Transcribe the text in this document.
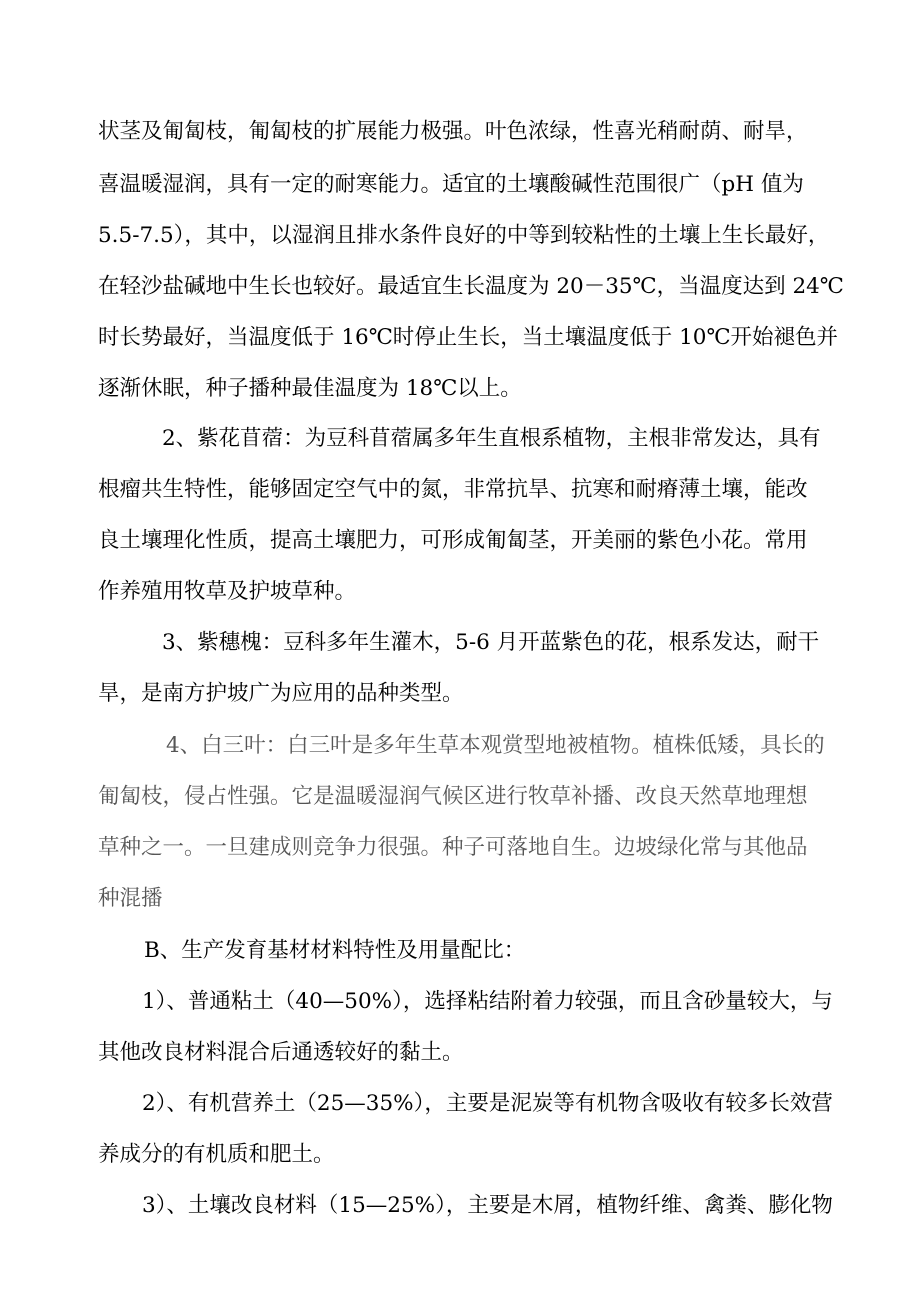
状茎及匍匐枝，匍匐枝的扩展能力极强。叶色浓绿，性喜光稍耐荫、耐旱，
喜温暖湿润，具有一定的耐寒能力。适宜的土壤酸碱性范围很广（pH 值为
5.5-7.5），其中，以湿润且排水条件良好的中等到较粘性的土壤上生长最好，
在轻沙盐碱地中生长也较好。最适宜生长温度为 20－35℃，当温度达到 24℃
时长势最好，当温度低于 16℃时停止生长，当土壤温度低于 10℃开始褪色并
逐渐休眠，种子播种最佳温度为 18℃以上。
2、紫花苜蓿：为豆科苜蓿属多年生直根系植物，主根非常发达，具有
根瘤共生特性，能够固定空气中的氮，非常抗旱、抗寒和耐瘠薄土壤，能改
良土壤理化性质，提高土壤肥力，可形成匍匐茎，开美丽的紫色小花。常用
作养殖用牧草及护坡草种。
3、紫穗槐：豆科多年生灌木，5-6 月开蓝紫色的花，根系发达，耐干
旱，是南方护坡广为应用的品种类型。
4、白三叶：白三叶是多年生草本观赏型地被植物。植株低矮，具长的
匍匐枝，侵占性强。它是温暖湿润气候区进行牧草补播、改良天然草地理想
草种之一。一旦建成则竞争力很强。种子可落地自生。边坡绿化常与其他品
种混播
B、生产发育基材材料特性及用量配比：
1）、普通粘土（40—50%），选择粘结附着力较强，而且含砂量较大，与
其他改良材料混合后通透较好的黏土。
2）、有机营养土（25—35%），主要是泥炭等有机物含吸收有较多长效营
养成分的有机质和肥土。
3）、土壤改良材料（15—25%），主要是木屑，植物纤维、禽粪、膨化物
